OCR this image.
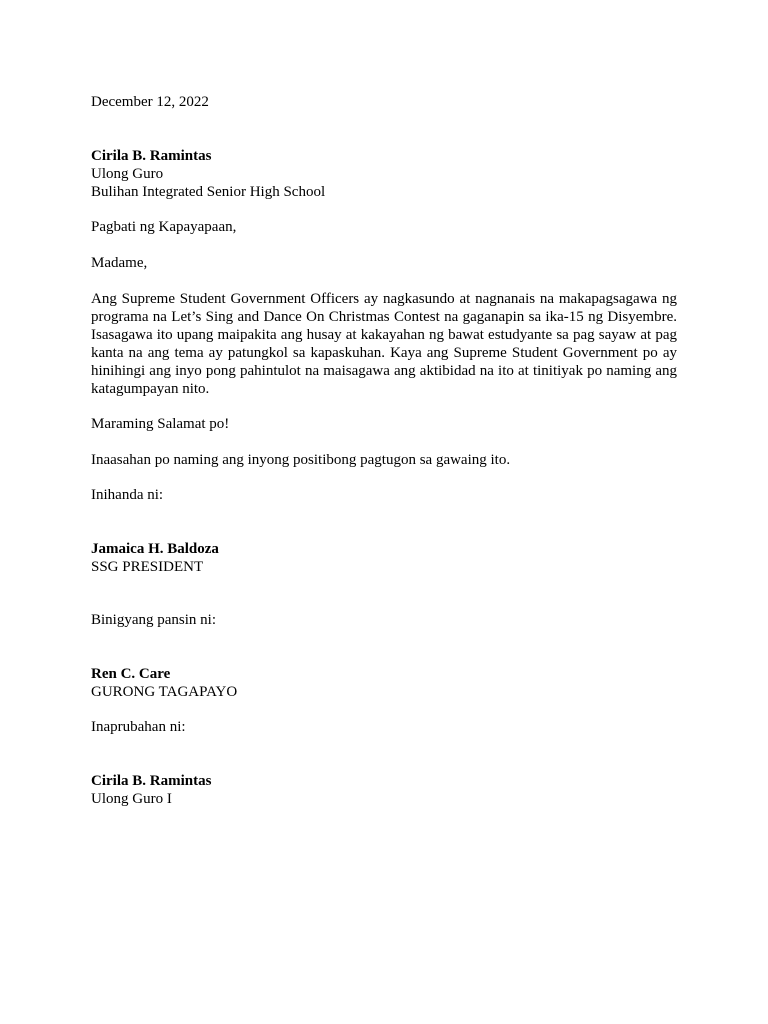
December 12, 2022
Cirila B. Ramintas
Ulong Guro
Bulihan Integrated Senior High School
Pagbati ng Kapayapaan,
Madame,
Ang Supreme Student Government Officers ay nagkasundo at nagnanais na makapagsagawa ng programa na Let’s Sing and Dance On Christmas Contest na gaganapin sa ika-15 ng Disyembre. Isasagawa ito upang maipakita ang husay at kakayahan ng bawat estudyante sa pag sayaw at pag kanta na ang tema ay patungkol sa kapaskuhan. Kaya ang Supreme Student Government po ay hinihingi ang inyo pong pahintulot na maisagawa ang aktibidad na ito at tinitiyak po naming ang katagumpayan nito.
Maraming Salamat po!
Inaasahan po naming ang inyong positibong pagtugon sa gawaing ito.
Inihanda ni:
Jamaica H. Baldoza
SSG PRESIDENT
Binigyang pansin ni:
Ren C. Care
GURONG TAGAPAYO
Inaprubahan ni:
Cirila B. Ramintas
Ulong Guro I
